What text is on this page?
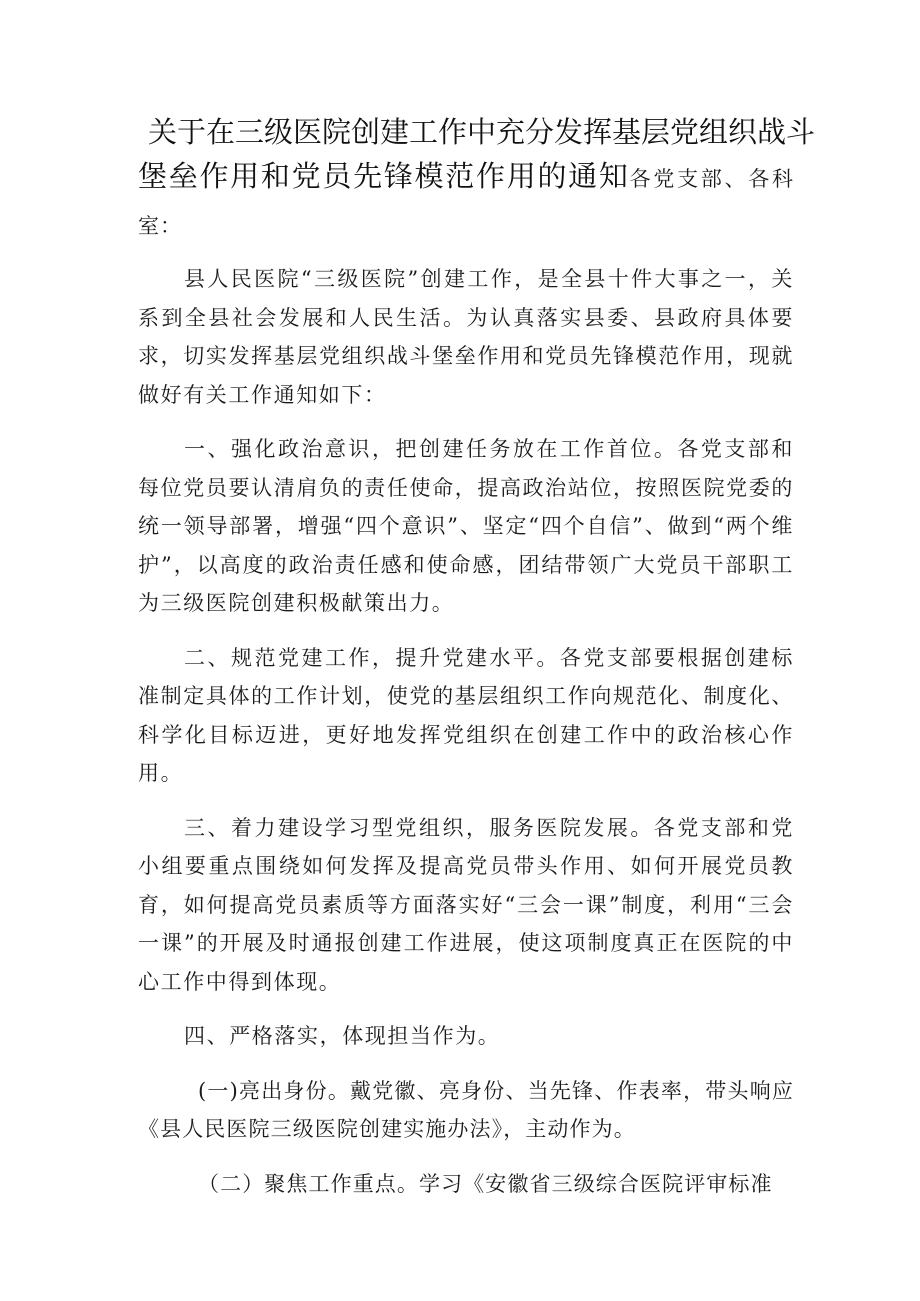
关于在三级医院创建工作中充分发挥基层党组织战斗
堡垒作用和党员先锋模范作用的通知各党支部、各科室：

县人民医院“三级医院”创建工作，是全县十件大事之一，关系到全县社会发展和人民生活。为认真落实县委、县政府具体要求，切实发挥基层党组织战斗堡垒作用和党员先锋模范作用，现就做好有关工作通知如下：

一、强化政治意识，把创建任务放在工作首位。各党支部和每位党员要认清肩负的责任使命，提高政治站位，按照医院党委的统一领导部署，增强“四个意识”、坚定“四个自信”、做到“两个维护”，以高度的政治责任感和使命感，团结带领广大党员干部职工为三级医院创建积极献策出力。

二、规范党建工作，提升党建水平。各党支部要根据创建标准制定具体的工作计划，使党的基层组织工作向规范化、制度化、科学化目标迈进，更好地发挥党组织在创建工作中的政治核心作用。

三、着力建设学习型党组织，服务医院发展。各党支部和党小组要重点围绕如何发挥及提高党员带头作用、如何开展党员教育，如何提高党员素质等方面落实好“三会一课”制度，利用“三会一课”的开展及时通报创建工作进展，使这项制度真正在医院的中心工作中得到体现。

四、严格落实，体现担当作为。

(一)亮出身份。戴党徽、亮身份、当先锋、作表率，带头响应《县人民医院三级医院创建实施办法》，主动作为。

（二）聚焦工作重点。学习《安徽省三级综合医院评审标准
